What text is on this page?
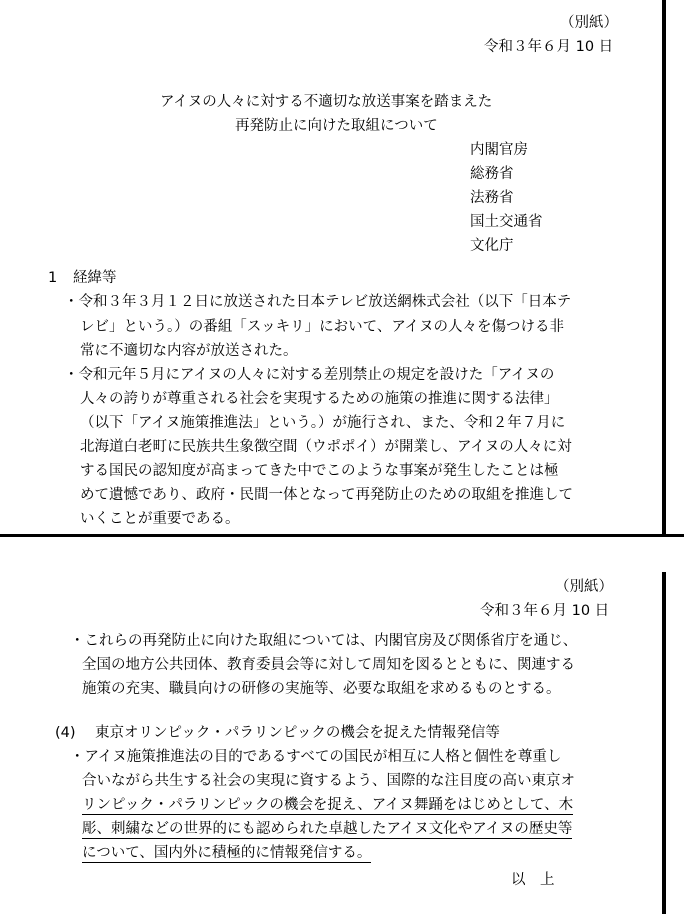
（別紙）
令和３年６月 10 日
アイヌの人々に対する不適切な放送事案を踏まえた
再発防止に向けた取組について
内閣官房
総務省
法務省
国土交通省
文化庁
1 経緯等
・令和３年３月１２日に放送された日本テレビ放送網株式会社（以下「日本テ
レビ」という。）の番組「スッキリ」において、アイヌの人々を傷つける非
常に不適切な内容が放送された。
・令和元年５月にアイヌの人々に対する差別禁止の規定を設けた「アイヌの
人々の誇りが尊重される社会を実現するための施策の推進に関する法律」
（以下「アイヌ施策推進法」という。）が施行され、また、令和２年７月に
北海道白老町に民族共生象徴空間（ウポポイ）が開業し、アイヌの人々に対
する国民の認知度が高まってきた中でこのような事案が発生したことは極
めて遺憾であり、政府・民間一体となって再発防止のための取組を推進して
いくことが重要である。
（別紙）
令和３年６月 10 日
・これらの再発防止に向けた取組については、内閣官房及び関係省庁を通じ、
全国の地方公共団体、教育委員会等に対して周知を図るとともに、関連する
施策の充実、職員向けの研修の実施等、必要な取組を求めるものとする。
(4) 東京オリンピック・パラリンピックの機会を捉えた情報発信等
・アイヌ施策推進法の目的であるすべての国民が相互に人格と個性を尊重し
合いながら共生する社会の実現に資するよう、国際的な注目度の高い東京オ
リンピック・パラリンピックの機会を捉え、アイヌ舞踊をはじめとして、木
彫、刺繍などの世界的にも認められた卓越したアイヌ文化やアイヌの歴史等
について、国内外に積極的に情報発信する。
以　上
